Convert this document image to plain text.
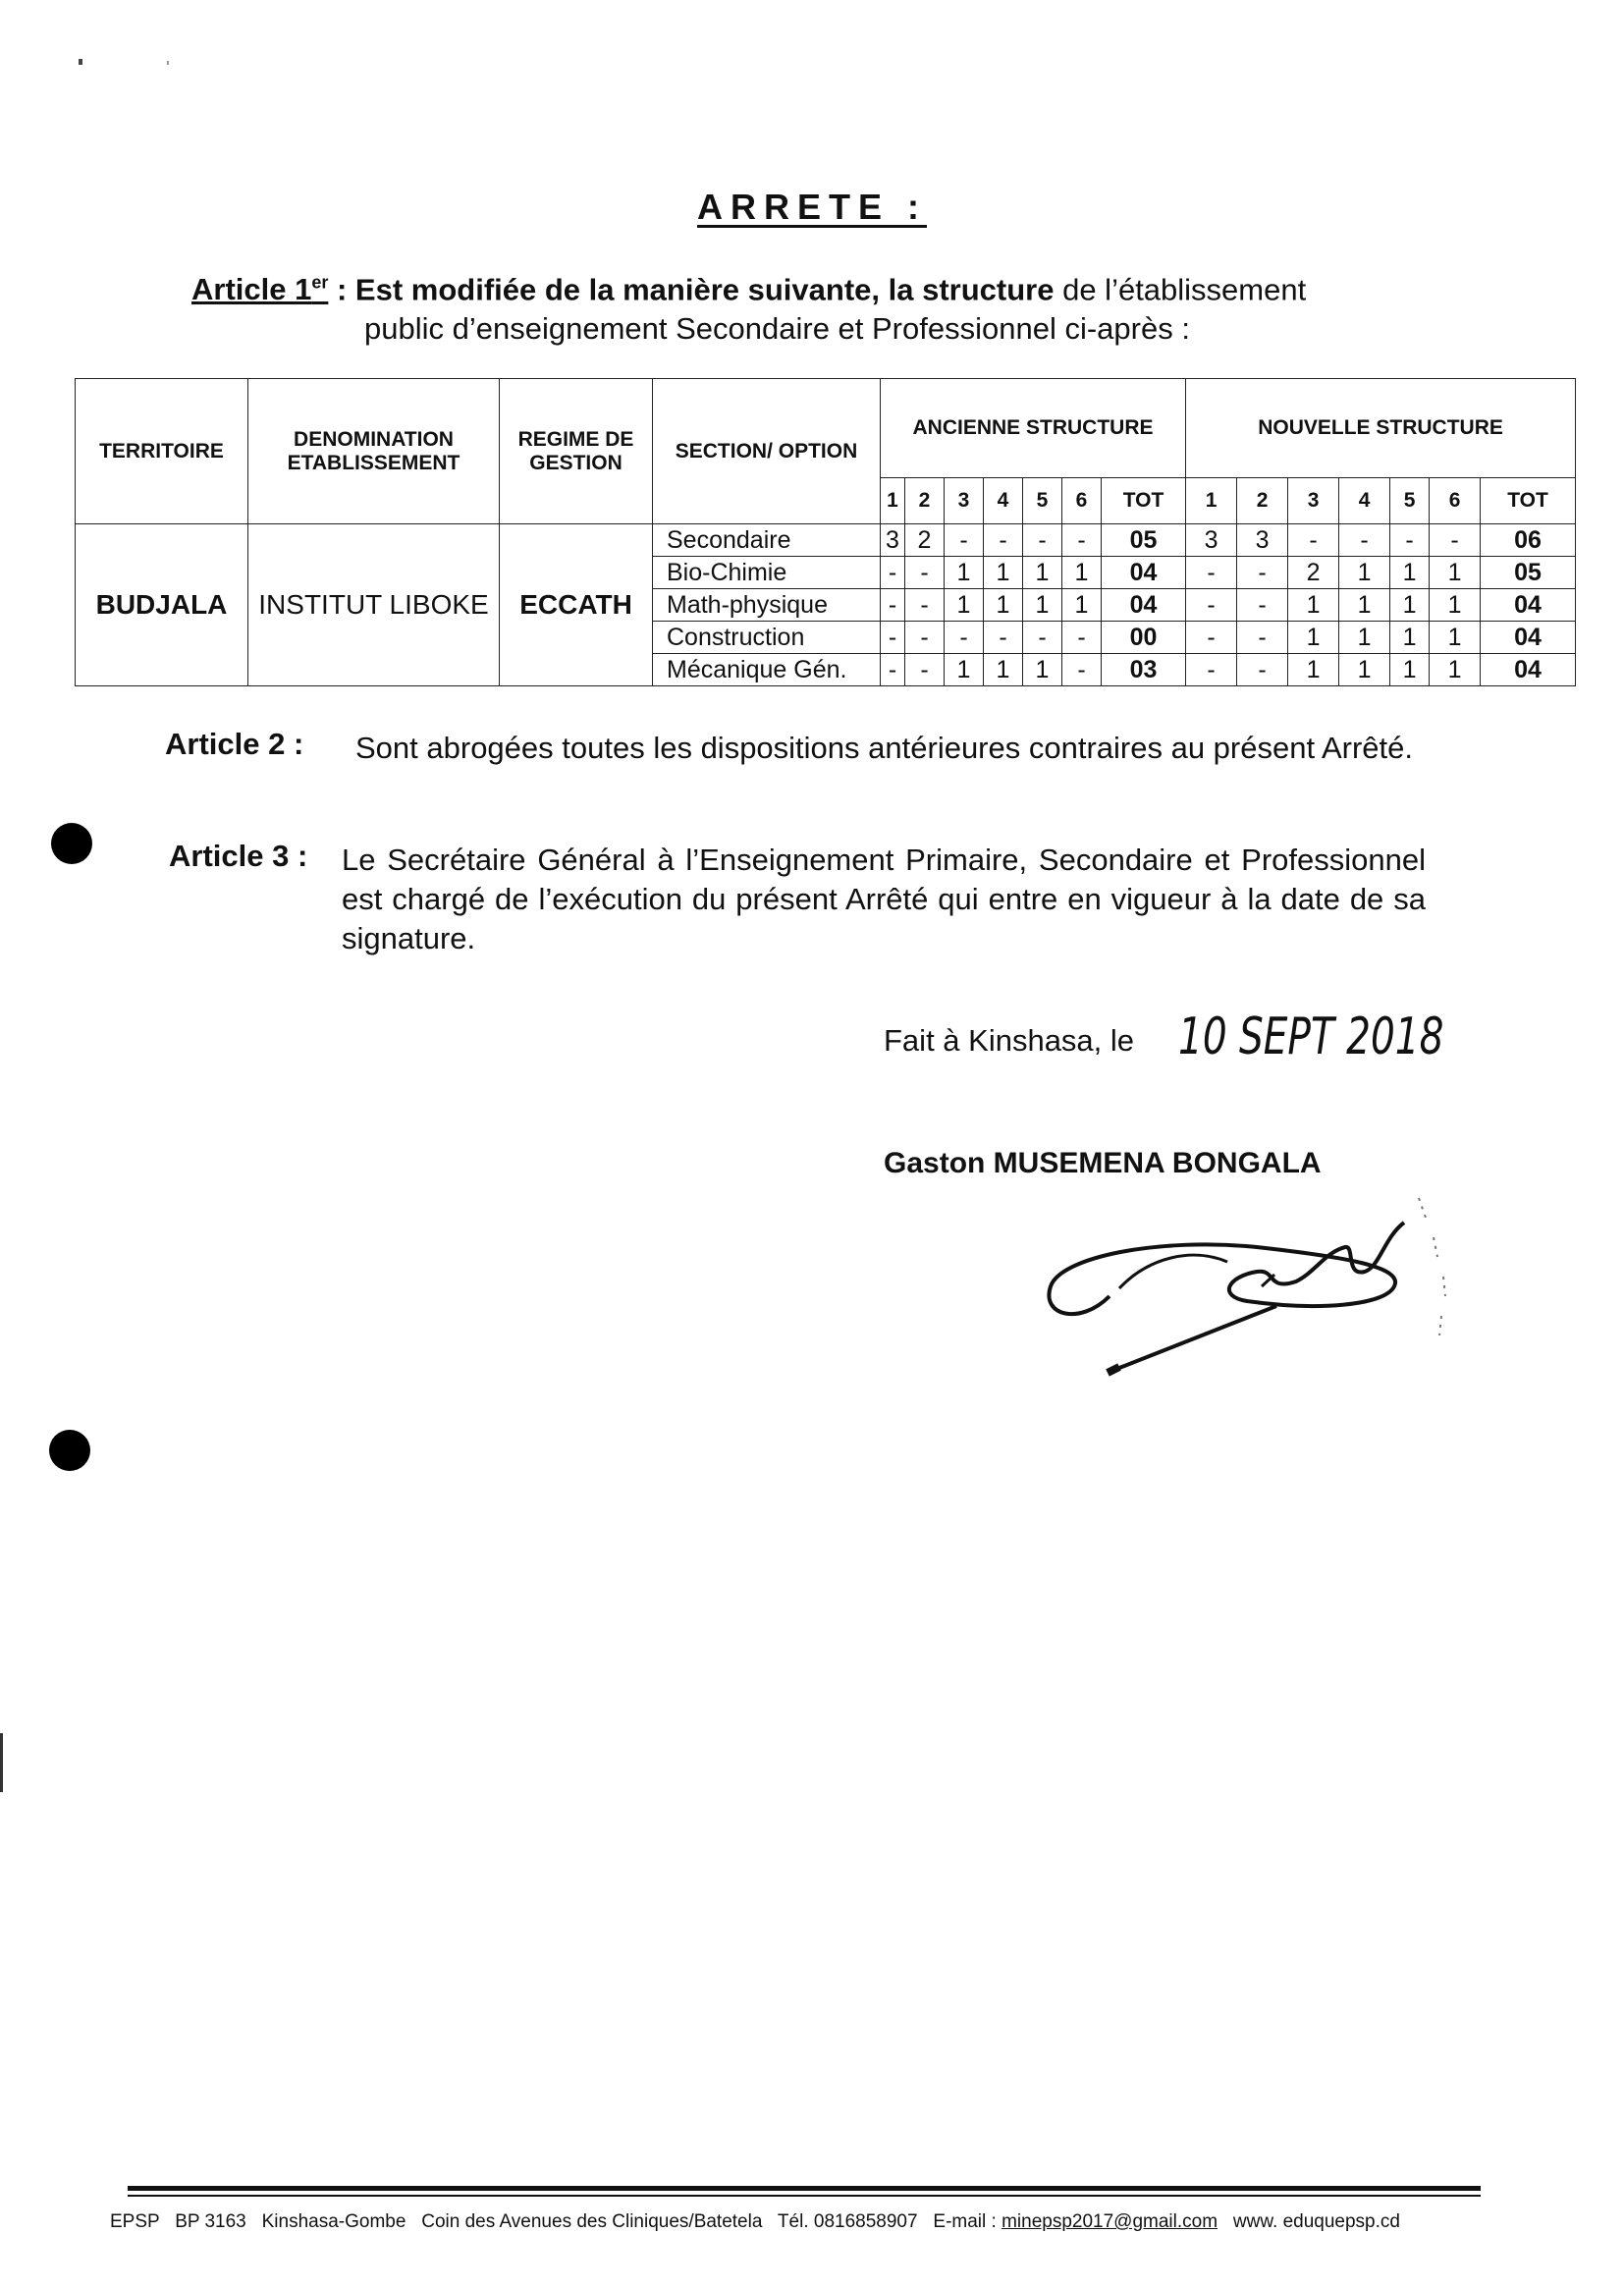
ARRETE :
Article 1er : Est modifiée de la manière suivante, la structure de l’établissement
public d’enseignement Secondaire et Professionnel ci-après :
TERRITOIRE	DENOMINATION ETABLISSEMENT	REGIME DE GESTION	SECTION/ OPTION	ANCIENNE STRUCTURE							NOUVELLE STRUCTURE						
				1	2	3	4	5	6	TOT	1	2	3	4	5	6	TOT
BUDJALA	INSTITUT LIBOKE	ECCATH	Secondaire	3	2	-	-	-	-	05	3	3	-	-	-	-	06
			Bio-Chimie	-	-	1	1	1	1	04	-	-	2	1	1	1	05
			Math-physique	-	-	1	1	1	1	04	-	-	1	1	1	1	04
			Construction	-	-	-	-	-	-	00	-	-	1	1	1	1	04
			Mécanique Gén.	-	-	1	1	1	-	03	-	-	1	1	1	1	04
Article 2 : Sont abrogées toutes les dispositions antérieures contraires au présent Arrêté.
Article 3 : Le Secrétaire Général à l’Enseignement Primaire, Secondaire et Professionnel est chargé de l’exécution du présent Arrêté qui entre en vigueur à la date de sa signature.
Fait à Kinshasa, le 10 SEPT 2018
Gaston MUSEMENA BONGALA
EPSP BP 3163 Kinshasa-Gombe Coin des Avenues des Cliniques/Batetela Tél. 0816858907 E-mail : minepsp2017@gmail.com www. eduquepsp.cd
